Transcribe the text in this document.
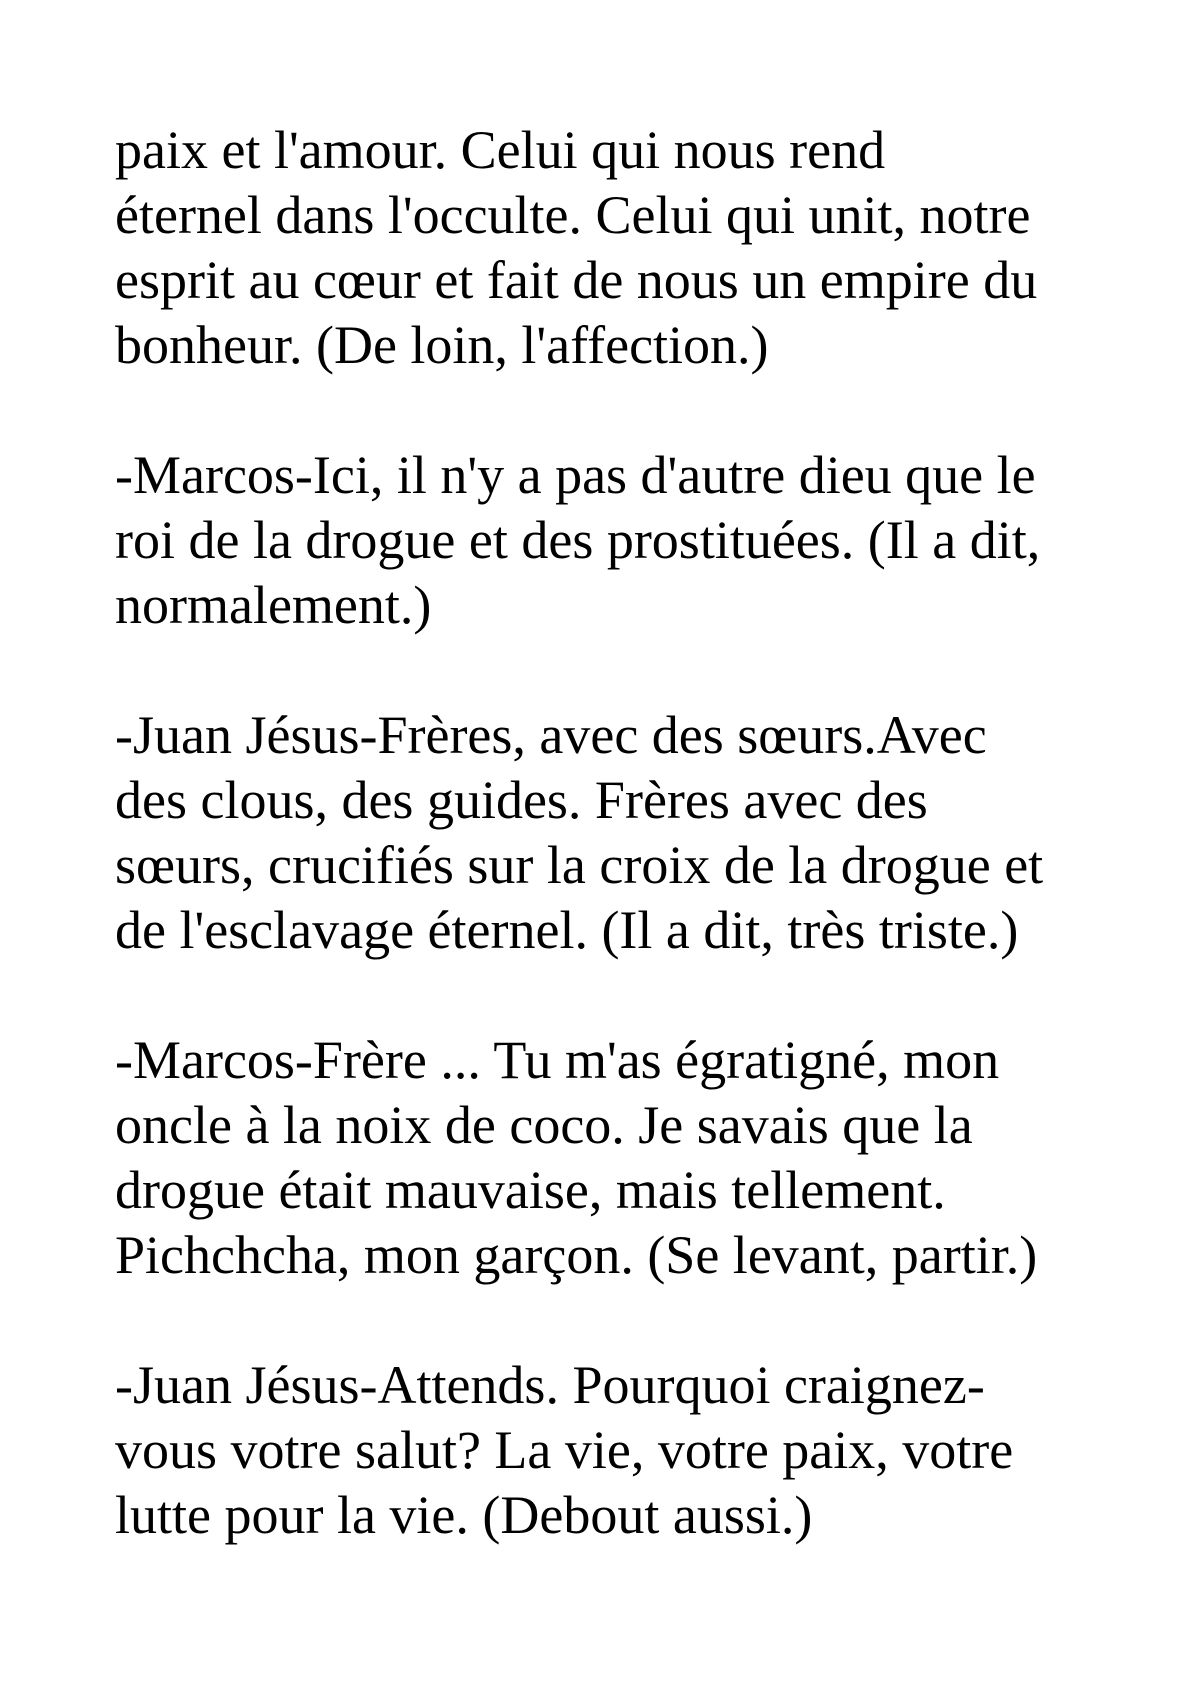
paix et l'amour. Celui qui nous rend
éternel dans l'occulte. Celui qui unit, notre
esprit au cœur et fait de nous un empire du
bonheur. (De loin, l'affection.)

-Marcos-Ici, il n'y a pas d'autre dieu que le
roi de la drogue et des prostituées. (Il a dit,
normalement.)

-Juan Jésus-Frères, avec des sœurs.Avec
des clous, des guides. Frères avec des
sœurs, crucifiés sur la croix de la drogue et
de l'esclavage éternel. (Il a dit, très triste.)

-Marcos-Frère ... Tu m'as égratigné, mon
oncle à la noix de coco. Je savais que la
drogue était mauvaise, mais tellement.
Pichchcha, mon garçon. (Se levant, partir.)

-Juan Jésus-Attends. Pourquoi craignez-
vous votre salut? La vie, votre paix, votre
lutte pour la vie. (Debout aussi.)
